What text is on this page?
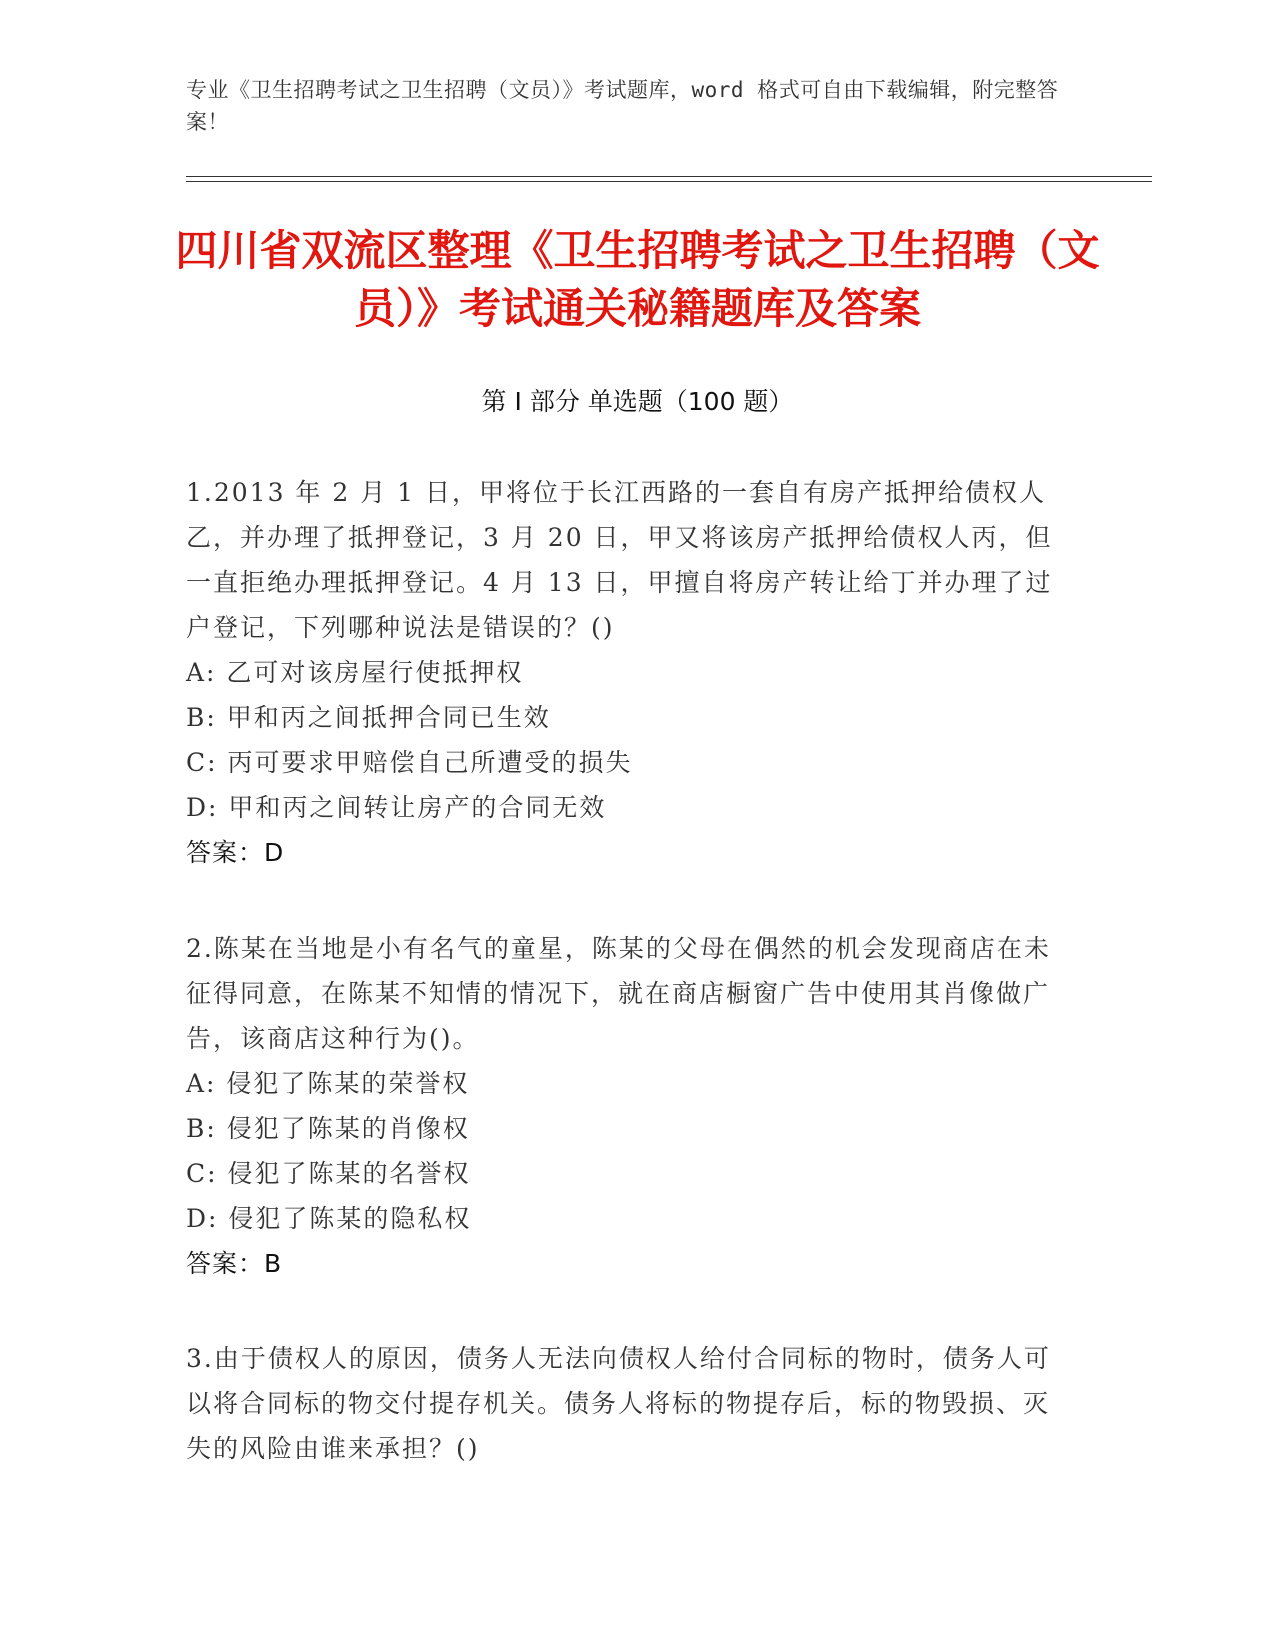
专业《卫生招聘考试之卫生招聘（文员）》考试题库，word 格式可自由下载编辑，附完整答案！
四川省双流区整理《卫生招聘考试之卫生招聘（文员）》考试通关秘籍题库及答案
第 I 部分 单选题（100 题）

1.2013 年 2 月 1 日，甲将位于长江西路的一套自有房产抵押给债权人乙，并办理了抵押登记，3 月 20 日，甲又将该房产抵押给债权人丙，但一直拒绝办理抵押登记。4 月 13 日，甲擅自将房产转让给丁并办理了过户登记，下列哪种说法是错误的？()

A: 乙可对该房屋行使抵押权

B: 甲和丙之间抵押合同已生效

C: 丙可要求甲赔偿自己所遭受的损失

D: 甲和丙之间转让房产的合同无效

答案：D

2.陈某在当地是小有名气的童星，陈某的父母在偶然的机会发现商店在未征得同意，在陈某不知情的情况下，就在商店橱窗广告中使用其肖像做广告，该商店这种行为()。

A: 侵犯了陈某的荣誉权

B: 侵犯了陈某的肖像权

C: 侵犯了陈某的名誉权

D: 侵犯了陈某的隐私权

答案：B

3.由于债权人的原因，债务人无法向债权人给付合同标的物时，债务人可以将合同标的物交付提存机关。债务人将标的物提存后，标的物毁损、灭失的风险由谁来承担？()
